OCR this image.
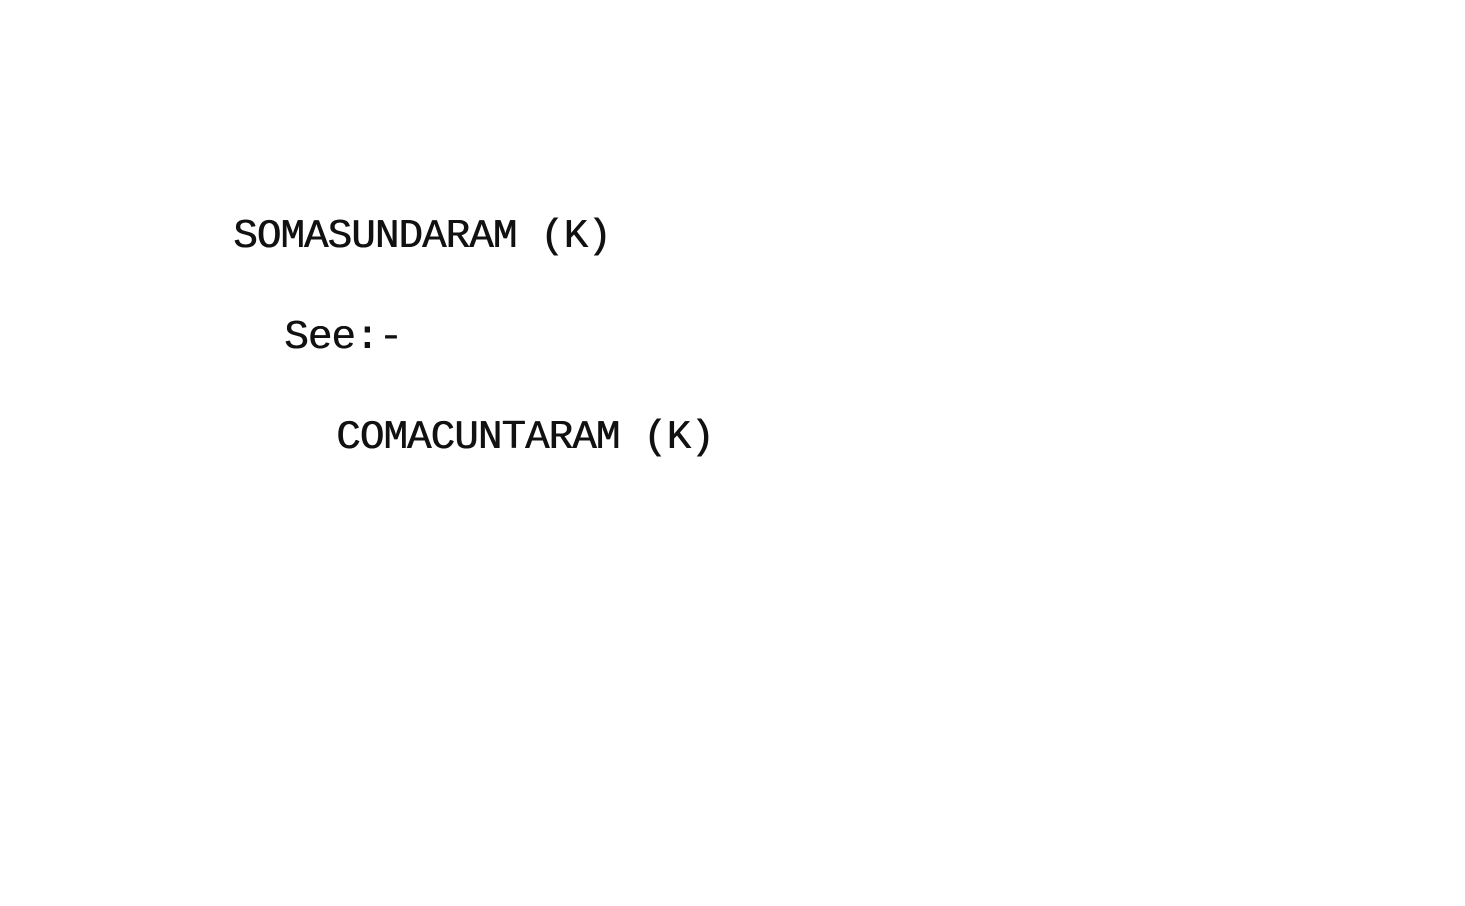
SOMASUNDARAM (K)
See:-
COMACUNTARAM (K)
